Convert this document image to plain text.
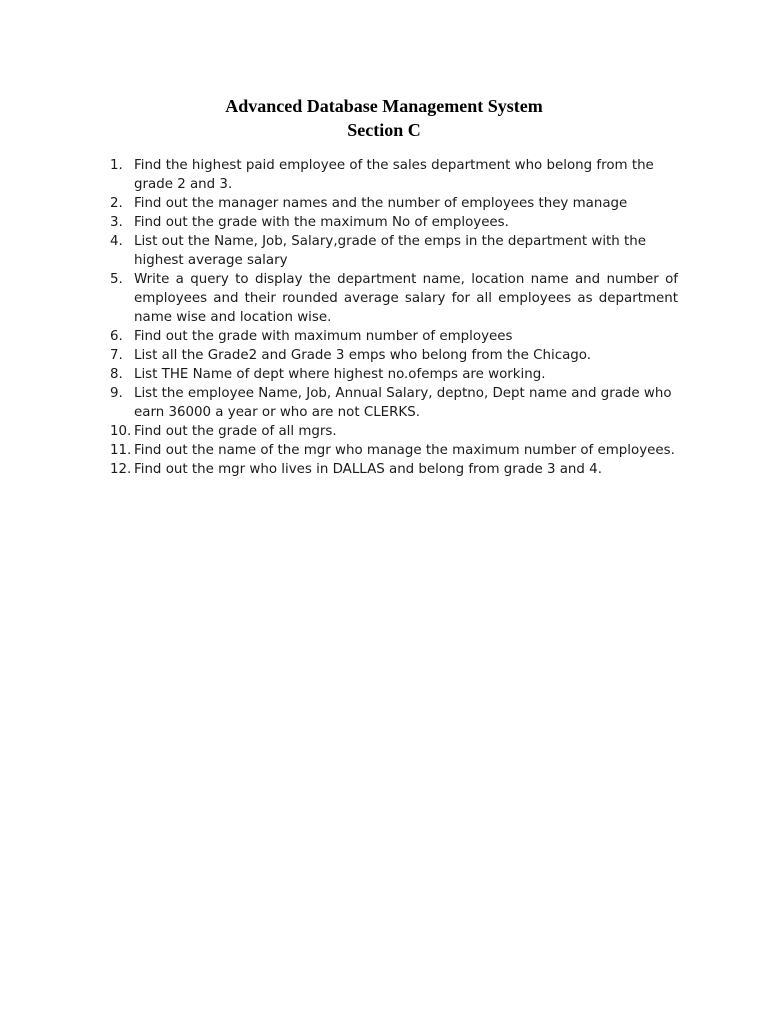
Advanced Database Management System
Section C
1. Find the highest paid employee of the sales department who belong from the grade 2 and 3.
2. Find out the manager names and the number of employees they manage
3. Find out the grade with the maximum No of employees.
4. List out the Name, Job, Salary,grade of the emps in the department with the highest average salary
5. Write a query to display the department name, location name and number of employees and their rounded average salary for all employees as department name wise and location wise.
6. Find out the grade with maximum number of employees
7. List all the Grade2 and Grade 3 emps who belong from the Chicago.
8. List THE Name of dept where highest no.ofemps are working.
9. List the employee Name, Job, Annual Salary, deptno, Dept name and grade who earn 36000 a year or who are not CLERKS.
10. Find out the grade of all mgrs.
11. Find out the name of the mgr who manage the maximum number of employees.
12. Find out the mgr who lives in DALLAS and belong from grade 3 and 4.
